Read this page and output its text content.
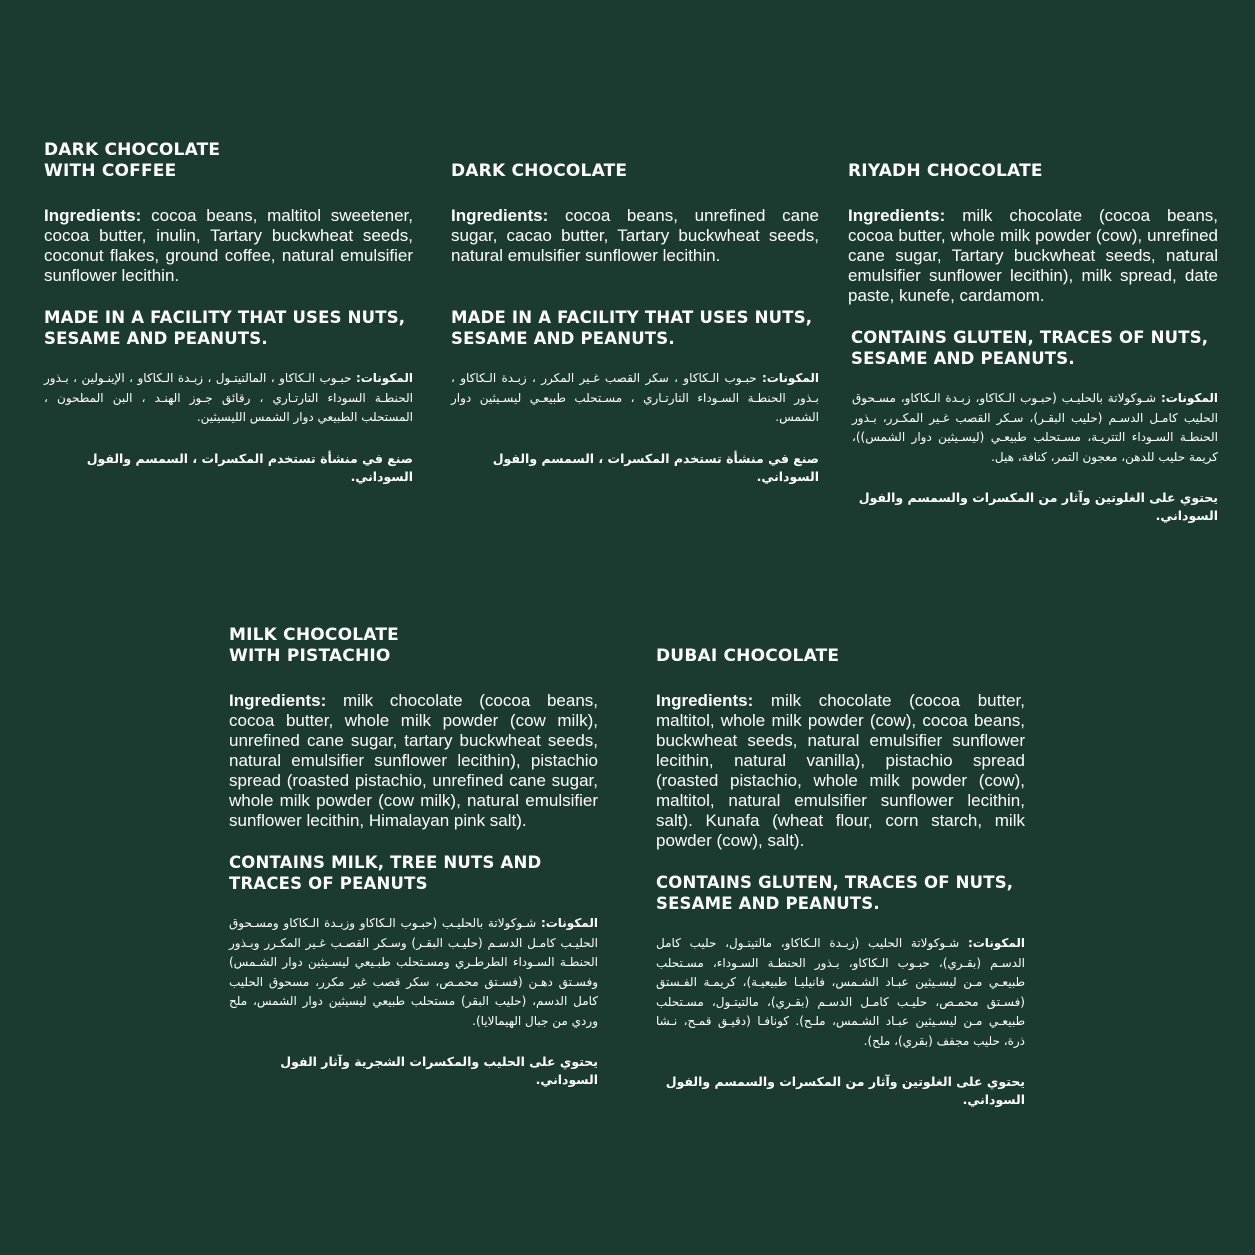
DARK CHOCOLATE
WITH COFFEE

Ingredients: cocoa beans, maltitol sweetener, cocoa butter, inulin, Tartary buckwheat seeds, coconut flakes, ground coffee, natural emulsifier sunflower lecithin.

MADE IN A FACILITY THAT USES NUTS,
SESAME AND PEANUTS.

المكونات: حبـوب الـكاكاو ، المالتيتـول ، زبـدة الـكاكاو ، الإينـولين ، بـذور الحنطـة السوداء التارتـاري ، رقائق جـوز الهنـد ، البن المطحون ، المستحلب الطبيعي دوار الشمس الليسيثين.

صنع في منشأة تستخدم المكسرات ، السمسم والفول السوداني.

DARK CHOCOLATE

Ingredients: cocoa beans, unrefined cane sugar, cacao butter, Tartary buckwheat seeds, natural emulsifier sunflower lecithin.

MADE IN A FACILITY THAT USES NUTS,
SESAME AND PEANUTS.

المكونات: حبـوب الـكاكاو ، سكر القصب غـير المكرر ، زبـدة الـكاكاو ، بـذور الحنطـة السـوداء التارتـاري ، مسـتحلب طبيعـي ليسـيثين دوار الشمس.

صنع في منشأة تستخدم المكسرات ، السمسم والفول السوداني.

RIYADH CHOCOLATE

Ingredients: milk chocolate (cocoa beans, cocoa butter, whole milk powder (cow), unrefined cane sugar, Tartary buckwheat seeds, natural emulsifier sunflower lecithin), milk spread, date paste, kunefe, cardamom.

CONTAINS GLUTEN, TRACES OF NUTS,
SESAME AND PEANUTS.

المكونات: شـوكولاتة بالحليـب (حبـوب الـكاكاو، زبـدة الـكاكاو، مسـحوق الحليب كامـل الدسـم (حليب البقـر)، سـكر القصب غـير المكـرر، بـذور الحنطـة السـوداء التتريـة، مسـتحلب طبيعـي (ليسـيثين دوار الشمس))، كريمة حليب للدهن، معجون التمر، كنافة، هيل.

يحتوي على الغلوتين وآثار من المكسرات والسمسم والفول السوداني.

MILK CHOCOLATE
WITH PISTACHIO

Ingredients: milk chocolate (cocoa beans, cocoa butter, whole milk powder (cow milk), unrefined cane sugar, tartary buckwheat seeds, natural emulsifier sunflower lecithin), pistachio spread (roasted pistachio, unrefined cane sugar, whole milk powder (cow milk), natural emulsifier sunflower lecithin, Himalayan pink salt).

CONTAINS MILK, TREE NUTS AND
TRACES OF PEANUTS

المكونات: شـوكولاتة بالحليـب (حبـوب الـكاكاو وزبـدة الـكاكاو ومسـحوق الحليـب كامـل الدسـم (حليـب البقـر) وسـكر القصـب غـير المكـرر وبـذور الحنطـة السـوداء الطرطـري ومسـتحلب طبـيعي ليسـيثين دوار الشـمس) وفسـتق دهـن (فسـتق محمـص، سكر قصب غير مكرر، مسحوق الحليب كامل الدسم، (حليب البقر) مستحلب طبيعي ليسيثين دوار الشمس، ملح وردي من جبال الهيمالايا).

يحتوي على الحليب والمكسرات الشجرية وآثار الفول السوداني.

DUBAI CHOCOLATE

Ingredients: milk chocolate (cocoa butter, maltitol, whole milk powder (cow), cocoa beans, buckwheat seeds, natural emulsifier sunflower lecithin, natural vanilla), pistachio spread (roasted pistachio, whole milk powder (cow), maltitol, natural emulsifier sunflower lecithin, salt). Kunafa (wheat flour, corn starch, milk powder (cow), salt).

CONTAINS GLUTEN, TRACES OF NUTS,
SESAME AND PEANUTS.

المكونات: شـوكولاتة الحليب (زبـدة الـكاكاو، مالتيتـول، حليب كامل الدسـم (بقـري)، حبـوب الـكاكاو، بـذور الحنطـة السـوداء، مسـتحلب طبيعـي مـن ليسـيثين عبـاد الشـمس، فانيليـا طبيعيـة)، كريمـة الفـستق (فسـتق محمـص، حليـب كامـل الدسـم (بقـري)، مالتيتـول، مسـتحلب طبيعـي مـن ليسـيثين عبـاد الشـمس، ملـح). كونافـا (دقيـق قمـح، نـشا ذرة، حليب مجفف (بقري)، ملح).

يحتوي على الغلوتين وآثار من المكسرات والسمسم والفول السوداني.
